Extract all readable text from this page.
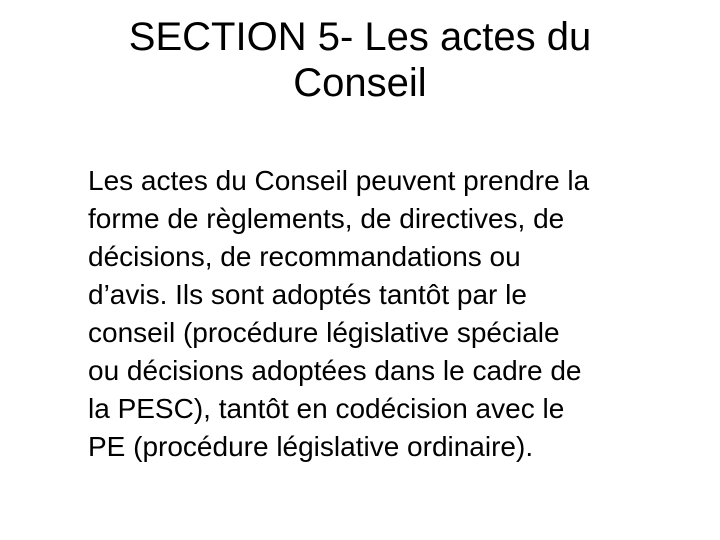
SECTION 5- Les actes du
Conseil

Les actes du Conseil peuvent prendre la
forme de règlements, de directives, de
décisions, de recommandations ou
d’avis. Ils sont adoptés tantôt par le
conseil (procédure législative spéciale
ou décisions adoptées dans le cadre de
la PESC), tantôt en codécision avec le
PE (procédure législative ordinaire).
